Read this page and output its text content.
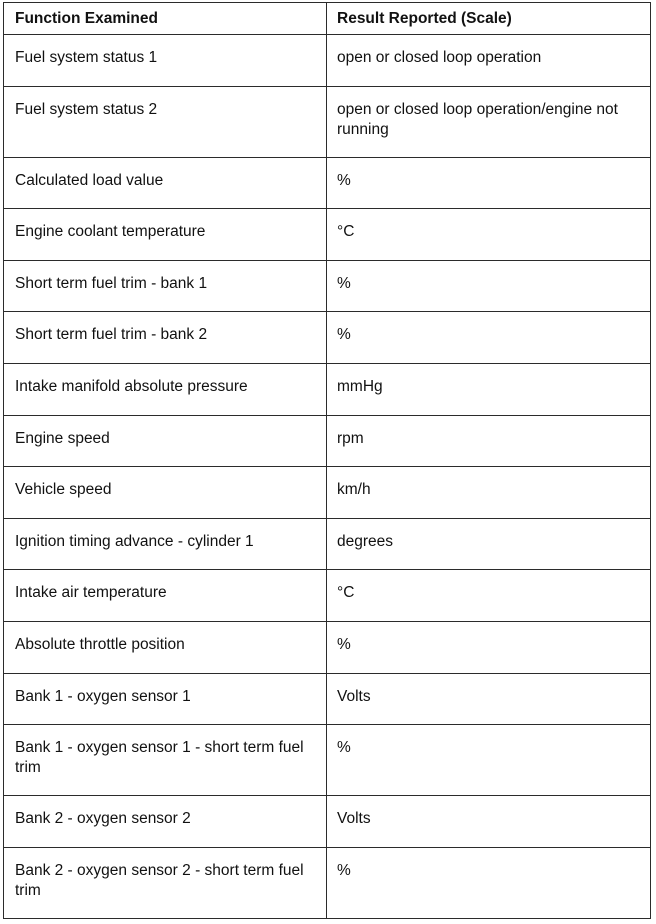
Function Examined	Result Reported (Scale)
Fuel system status 1	open or closed loop operation
Fuel system status 2	open or closed loop operation/engine not running
Calculated load value	%
Engine coolant temperature	°C
Short term fuel trim - bank 1	%
Short term fuel trim - bank 2	%
Intake manifold absolute pressure	mmHg
Engine speed	rpm
Vehicle speed	km/h
Ignition timing advance - cylinder 1	degrees
Intake air temperature	°C
Absolute throttle position	%
Bank 1 - oxygen sensor 1	Volts
Bank 1 - oxygen sensor 1 - short term fuel trim	%
Bank 2 - oxygen sensor 2	Volts
Bank 2 - oxygen sensor 2 - short term fuel trim	%
